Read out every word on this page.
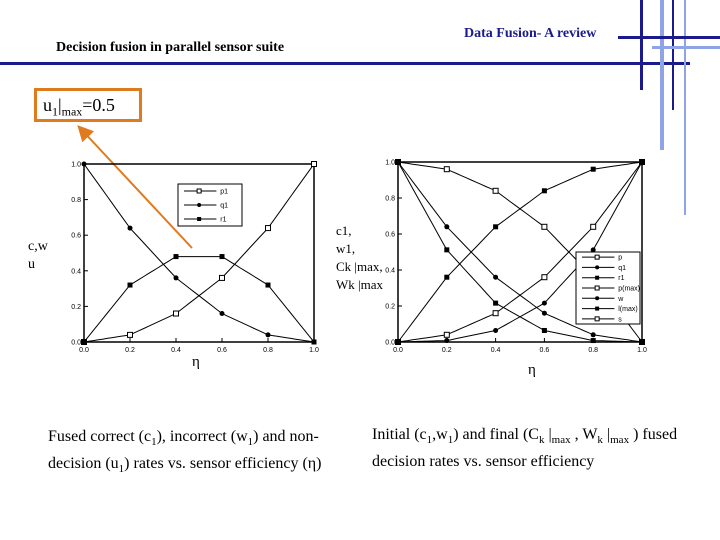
Data Fusion- A review
Decision fusion in parallel sensor suite
$u_1|_{max}=0.5$
0.0	0.2	0.4	0.6	0.8	1.0
0.0
0.2
0.4
0.6
0.8
1.0
p1
q1
r1
0.0	0.2	0.4	0.6	0.8	1.0
0.0
0.2
0.4
0.6
0.8
1.0
p
q1
r1
p(max)
w
l(max)
s
c,w
u
c1,
w1,
Ck |max,
Wk |max
η	η
Fused correct $(c_1)$, incorrect $(w_1)$ and non-decision $(u_1)$ rates vs. sensor efficiency (η)
Initial $(c_1,w_1)$ and final ($C_k$ $|_{max}$ , $W_k$ $|_{max}$ ) fused decision rates vs. sensor efficiency
